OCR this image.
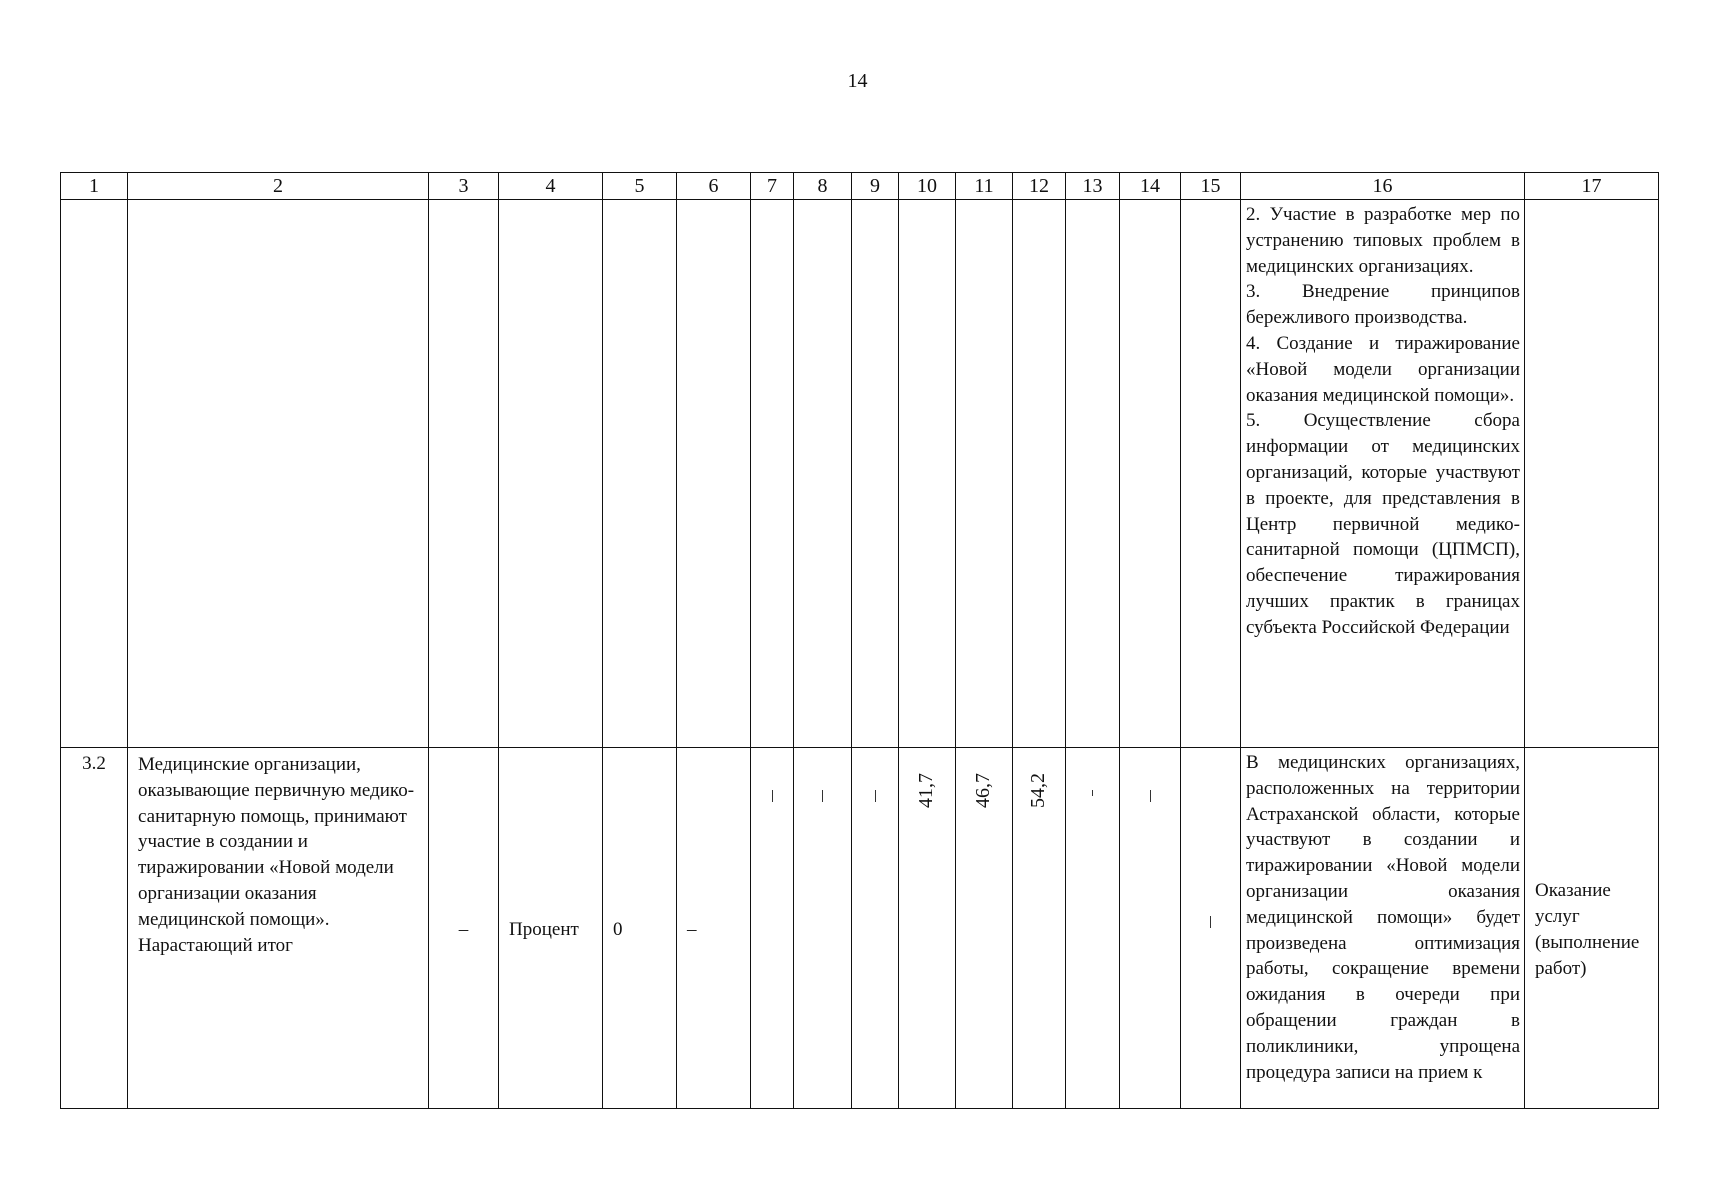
14
1	2	3	4	5	6	7	8	9	10	11	12	13	14	15	16	17

															2. Участие в разработке мер по устранению типовых проблем в медицинских организациях.
3. Внедрение принципов бережливого производства.
4. Создание и тиражирование «Новой модели организации оказания медицинской помощи».
5. Осуществление сбора информации от медицинских организаций, которые участвуют в проекте, для представления в Центр первичной медико-санитарной помощи (ЦПМСП), обеспечение тиражирования лучших практик в границах субъекта Российской Федерации	

3.2	Медицинские организации, оказывающие первичную медико-санитарную помощь, принимают участие в создании и тиражировании «Новой модели организации оказания медицинской помощи». Нарастающий итог	–	Процент	0	–				41,7	46,7	54,2				В медицинских организациях, расположенных на территории Астраханской области, которые участвуют в создании и тиражировании «Новой модели организации оказания медицинской помощи» будет произведена оптимизация работы, сокращение времени ожидания в очереди при обращении граждан в поликлиники, упрощена процедура записи на прием к	Оказание услуг (выполнение работ)
